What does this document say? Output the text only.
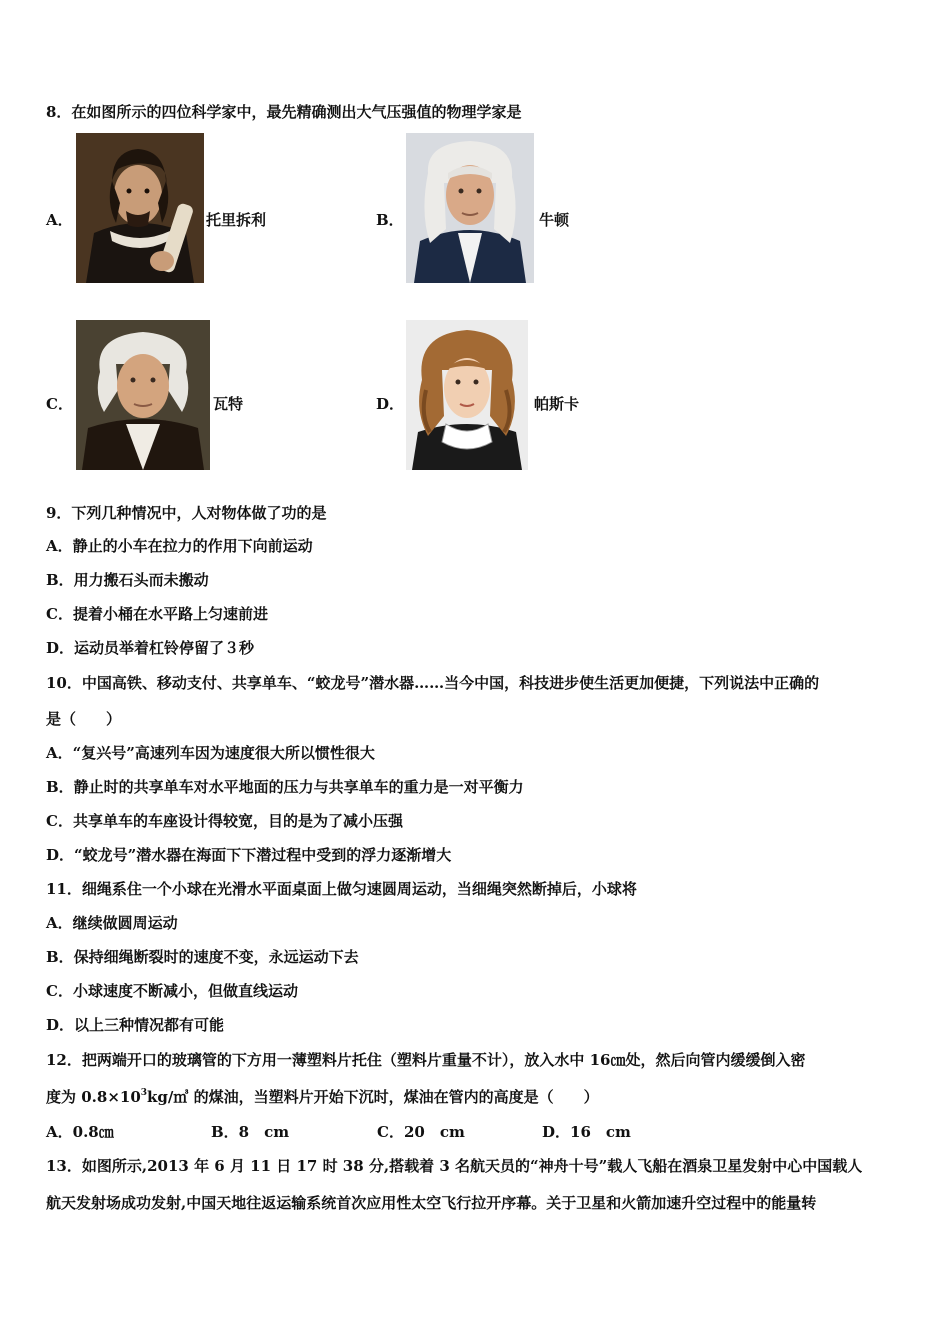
8．在如图所示的四位科学家中，最先精确测出大气压强值的物理学家是
A．	托里拆利	B．	牛顿
C．	瓦特	D．	帕斯卡
9．下列几种情况中，人对物体做了功的是
A．静止的小车在拉力的作用下向前运动
B．用力搬石头而未搬动
C．提着小桶在水平路上匀速前进
D．运动员举着杠铃停留了３秒
10．中国高铁、移动支付、共享单车、“蛟龙号”潜水器……当今中国，科技进步使生活更加便捷，下列说法中正确的
是（　　）
A．“复兴号”高速列车因为速度很大所以惯性很大
B．静止时的共享单车对水平地面的压力与共享单车的重力是一对平衡力
C．共享单车的车座设计得较宽，目的是为了减小压强
D．“蛟龙号”潜水器在海面下下潜过程中受到的浮力逐渐增大
11．细绳系住一个小球在光滑水平面桌面上做匀速圆周运动，当细绳突然断掉后，小球将
A．继续做圆周运动
B．保持细绳断裂时的速度不变，永远运动下去
C．小球速度不断减小，但做直线运动
D．以上三种情况都有可能
12．把两端开口的玻璃管的下方用一薄塑料片托住（塑料片重量不计），放入水中 16㎝处，然后向管内缓缓倒入密
度为 $0.8\times 10^3kg/㎥$ 的煤油，当塑料片开始下沉时，煤油在管内的高度是（　　）
A．0.8㎝	B．8　cm	C．20　cm	D．16　cm
13．如图所示,2013 年 6 月 11 日 17 时 38 分,搭载着 3 名航天员的“神舟十号”载人飞船在酒泉卫星发射中心中国载人
航天发射场成功发射,中国天地往返运输系统首次应用性太空飞行拉开序幕。关于卫星和火箭加速升空过程中的能量转
